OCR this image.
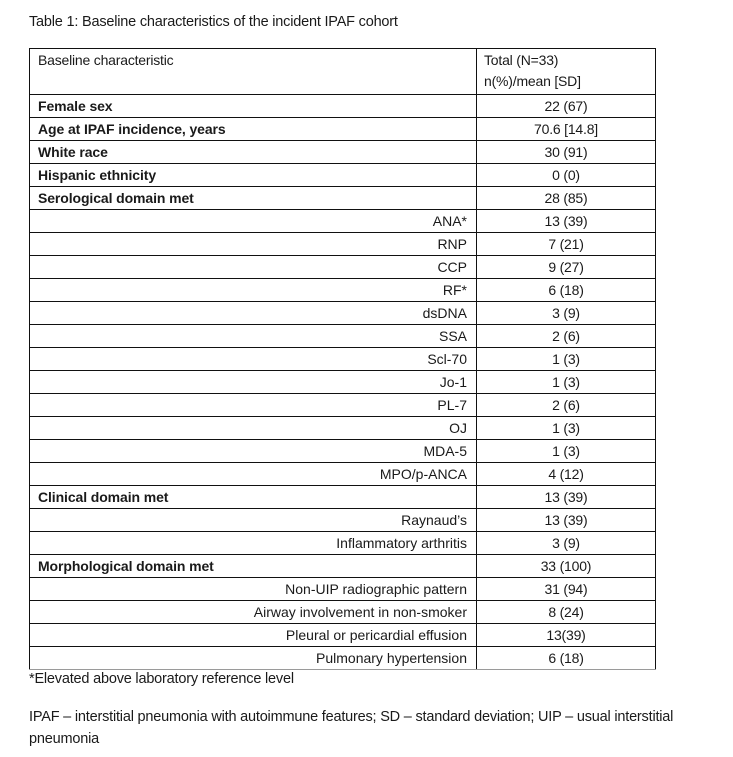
Table 1: Baseline characteristics of the incident IPAF cohort
Baseline characteristic	Total (N=33)
n(%)/mean [SD]

Female sex	22 (67)
Age at IPAF incidence, years	70.6 [14.8]
White race	30 (91)
Hispanic ethnicity	0 (0)
Serological domain met	28 (85)
ANA*	13 (39)
RNP	7 (21)
CCP	9 (27)
RF*	6 (18)
dsDNA	3 (9)
SSA	2 (6)
Scl-70	1 (3)
Jo-1	1 (3)
PL-7	2 (6)
OJ	1 (3)
MDA-5	1 (3)
MPO/p-ANCA	4 (12)
Clinical domain met	13 (39)
Raynaud’s	13 (39)
Inflammatory arthritis	3 (9)
Morphological domain met	33 (100)
Non-UIP radiographic pattern	31 (94)
Airway involvement in non-smoker	8 (24)
Pleural or pericardial effusion	13(39)
Pulmonary hypertension	6 (18)
*Elevated above laboratory reference level
IPAF – interstitial pneumonia with autoimmune features; SD – standard deviation; UIP – usual interstitial pneumonia
